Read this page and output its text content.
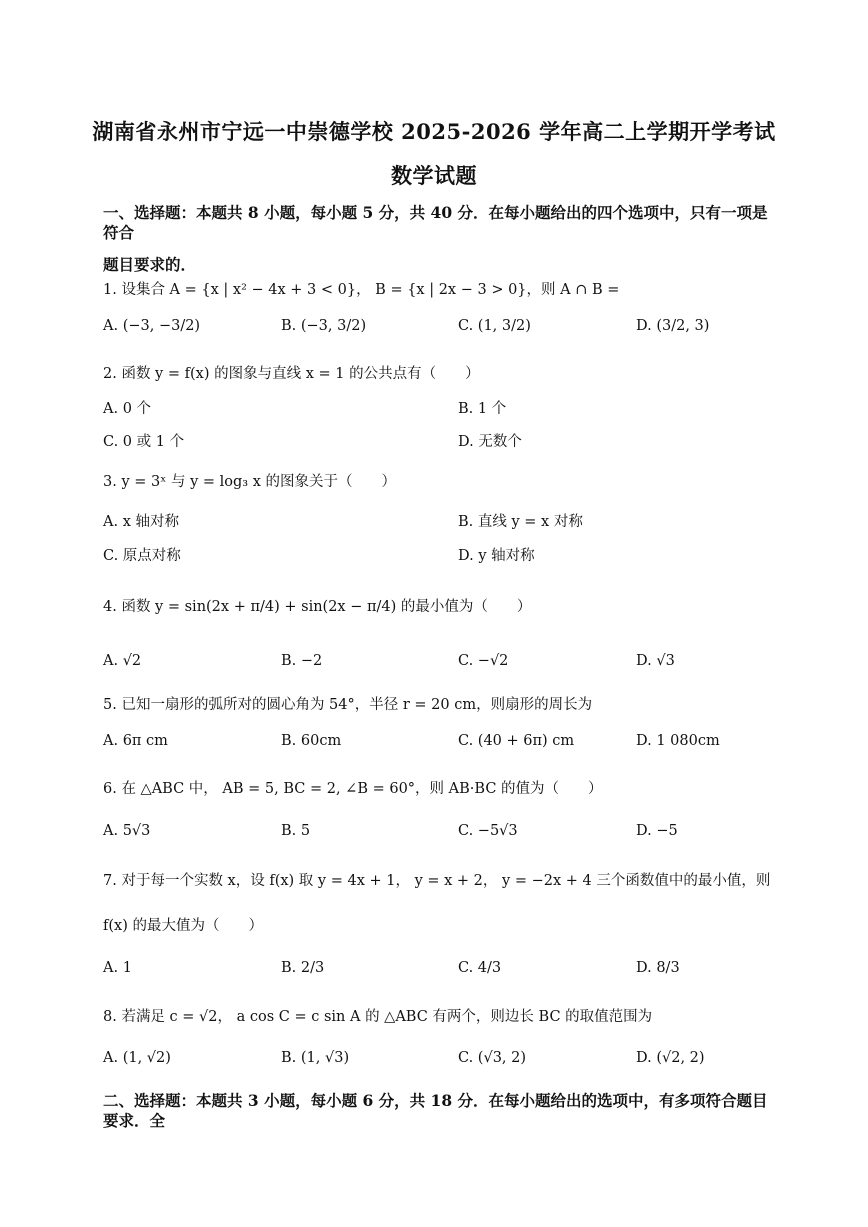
湖南省永州市宁远一中崇德学校 2025-2026 学年高二上学期开学考试
数学试题
一、选择题：本题共 8 小题，每小题 5 分，共 40 分．在每小题给出的四个选项中，只有一项是符合
题目要求的．
1. 设集合 A = {x | x² − 4x + 3 < 0}， B = {x | 2x − 3 > 0}，则 A ∩ B =
A. (−3, −3/2)	B. (−3, 3/2)	C. (1, 3/2)	D. (3/2, 3)
2. 函数 y = f(x) 的图象与直线 x = 1 的公共点有（　　）
A. 0 个	B. 1 个
C. 0 或 1 个	D. 无数个
3. y = 3ˣ 与 y = log₃ x 的图象关于（　　）
A. x 轴对称	B. 直线 y = x 对称
C. 原点对称	D. y 轴对称
4. 函数 y = sin(2x + π/4) + sin(2x − π/4) 的最小值为（　　）
A. √2	B. −2	C. −√2	D. √3
5. 已知一扇形的弧所对的圆心角为 54°，半径 r = 20 cm，则扇形的周长为
A. 6π cm	B. 60cm	C. (40 + 6π) cm	D. 1 080cm
6. 在 △ABC 中， AB = 5, BC = 2, ∠B = 60°，则 AB·BC 的值为（　　）
A. 5√3	B. 5	C. −5√3	D. −5
7. 对于每一个实数 x，设 f(x) 取 y = 4x + 1， y = x + 2， y = −2x + 4 三个函数值中的最小值，则
f(x) 的最大值为（　　）
A. 1	B. 2/3	C. 4/3	D. 8/3
8. 若满足 c = √2， a cos C = c sin A 的 △ABC 有两个，则边长 BC 的取值范围为
A. (1, √2)	B. (1, √3)	C. (√3, 2)	D. (√2, 2)
二、选择题：本题共 3 小题，每小题 6 分，共 18 分．在每小题给出的选项中，有多项符合题目要求．全
